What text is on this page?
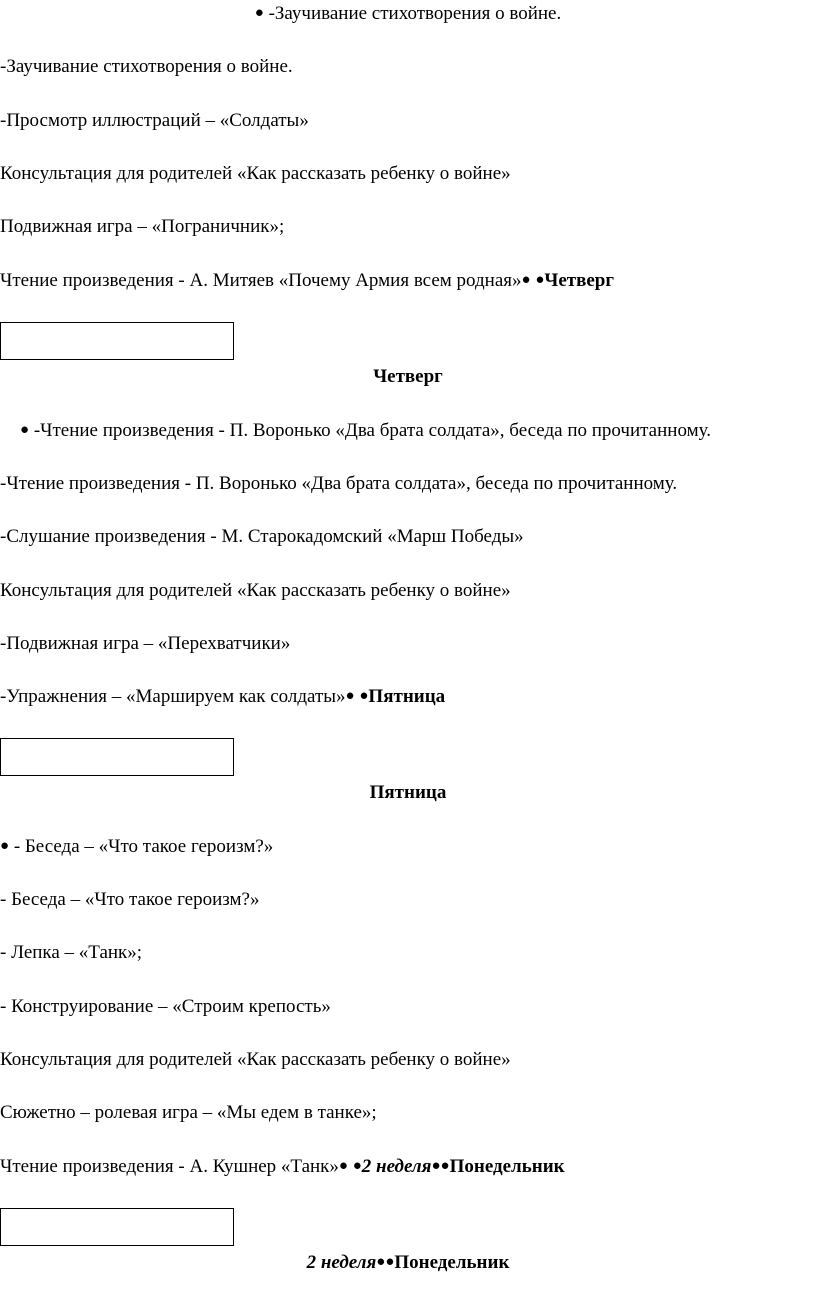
● -Заучивание стихотворения о войне.
-Заучивание стихотворения о войне.
-Просмотр иллюстраций – «Солдаты»
Консультация для родителей «Как рассказать ребенку о войне»
Подвижная игра – «Пограничник»;
Чтение произведения - А. Митяев «Почему Армия всем родная»● ●Четверг
Четверг
● -Чтение произведения - П. Воронько «Два брата солдата», беседа по прочитанному.
-Чтение произведения - П. Воронько «Два брата солдата», беседа по прочитанному.
-Слушание произведения - М. Старокадомский «Марш Победы»
Консультация для родителей «Как рассказать ребенку о войне»
-Подвижная игра – «Перехватчики»
-Упражнения – «Маршируем как солдаты»● ●Пятница
Пятница
● - Беседа – «Что такое героизм?»
- Беседа – «Что такое героизм?»
- Лепка – «Танк»;
- Конструирование – «Строим крепость»
Консультация для родителей «Как рассказать ребенку о войне»
Сюжетно – ролевая игра – «Мы едем в танке»;
Чтение произведения - А. Кушнер «Танк»● ●2 неделя●●Понедельник
2 неделя●●Понедельник
